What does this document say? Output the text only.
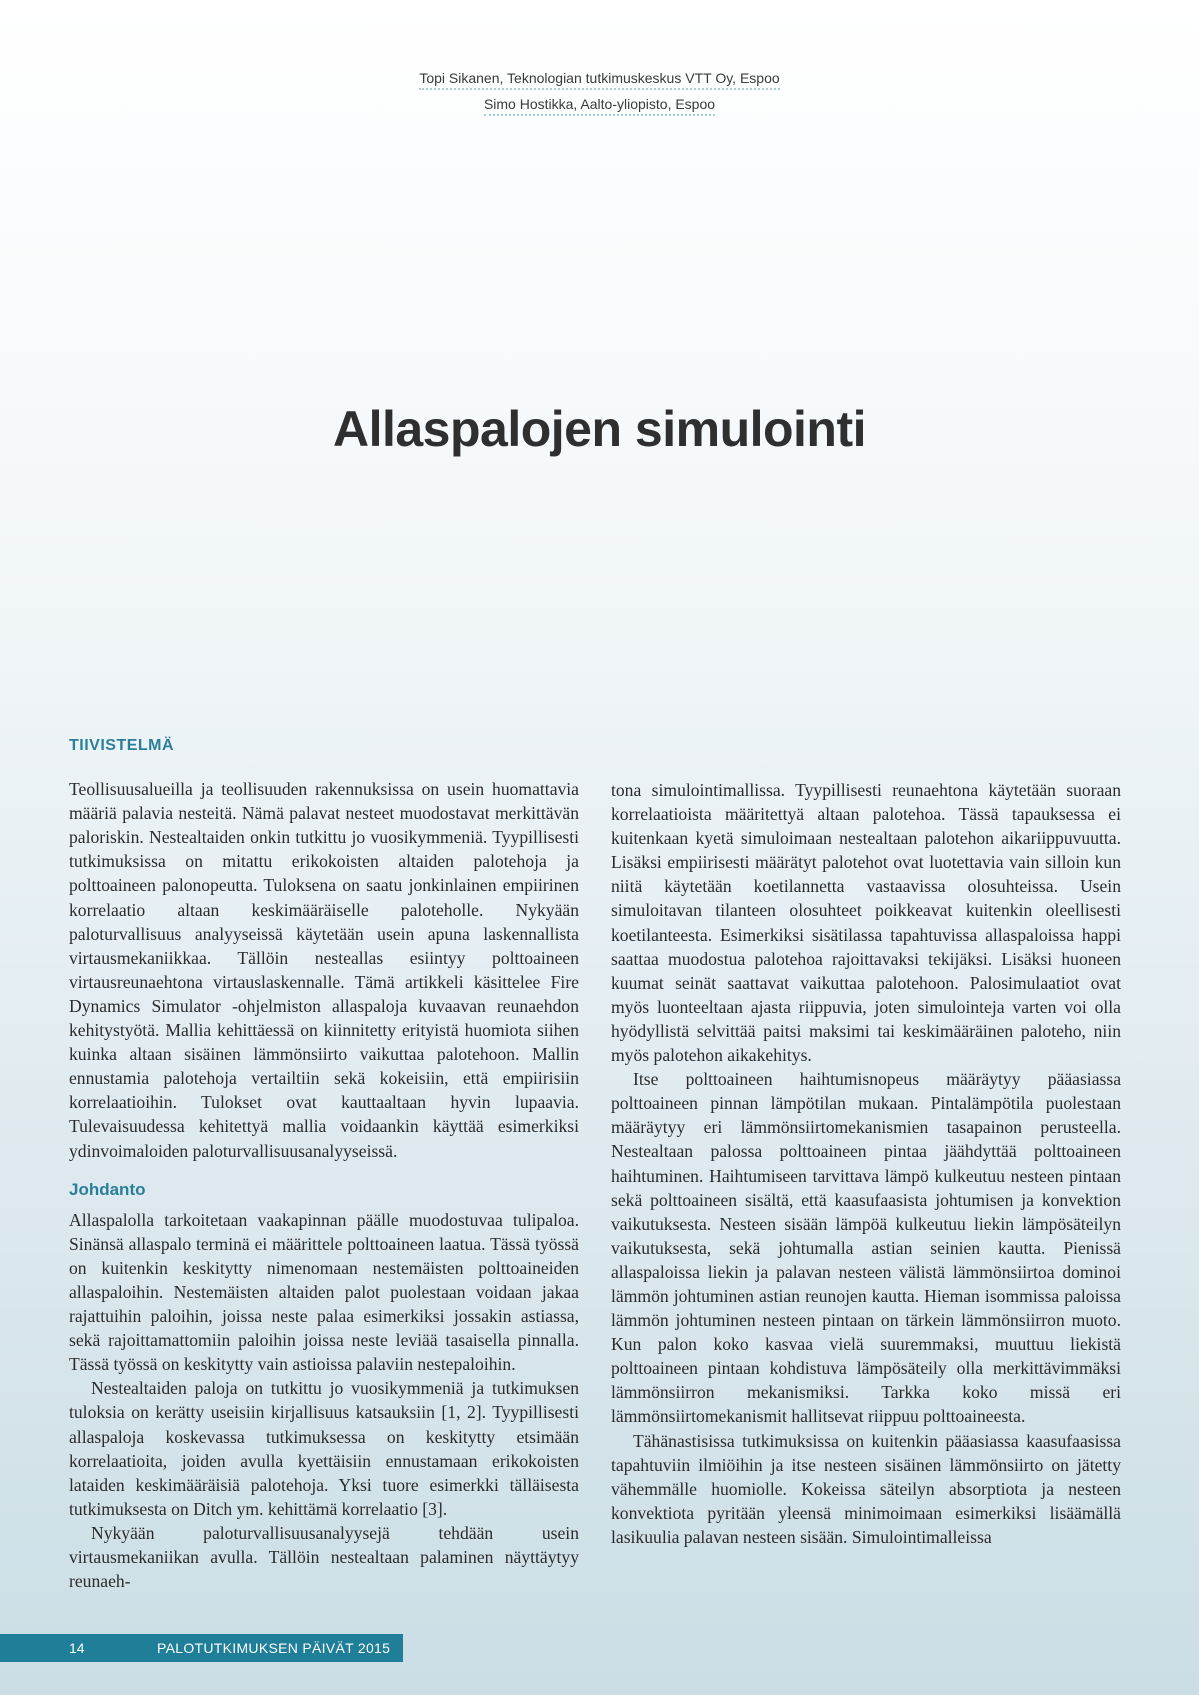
Topi Sikanen, Teknologian tutkimuskeskus VTT Oy, Espoo
Simo Hostikka, Aalto-yliopisto, Espoo
Allaspalojen simulointi
TIIVISTELMÄ

Teollisuusalueilla ja teollisuuden rakennuksissa on usein huomattavia määriä palavia nesteitä. Nämä palavat nesteet muodostavat merkittävän paloriskin. Nestealtaiden onkin tutkittu jo vuosikymmeniä. Tyypillisesti tutkimuksissa on mitattu erikokoisten altaiden palotehoja ja polttoaineen palonopeutta. Tuloksena on saatu jonkinlainen empiirinen korrelaatio altaan keskimääräiselle paloteholle. Nykyään paloturvallisuus analyyseissä käytetään usein apuna laskennallista virtausmekaniikkaa. Tällöin nesteallas esiintyy polttoaineen virtausreunaehtona virtauslaskennalle. Tämä artikkeli käsittelee Fire Dynamics Simulator -ohjelmiston allaspaloja kuvaavan reunaehdon kehitystyötä. Mallia kehittäessä on kiinnitetty erityistä huomiota siihen kuinka altaan sisäinen lämmönsiirto vaikuttaa palotehoon. Mallin ennustamia palotehoja vertailtiin sekä kokeisiin, että empiirisiin korrelaatioihin. Tulokset ovat kauttaaltaan hyvin lupaavia. Tulevaisuudessa kehitettyä mallia voidaankin käyttää esimerkiksi ydinvoimaloiden paloturvallisuusanalyyseissä.

Johdanto

Allaspalolla tarkoitetaan vaakapinnan päälle muodostuvaa tulipaloa. Sinänsä allaspalo terminä ei määrittele polttoaineen laatua. Tässä työssä on kuitenkin keskitytty nimenomaan nestemäisten polttoaineiden allaspaloihin. Nestemäisten altaiden palot puolestaan voidaan jakaa rajattuihin paloihin, joissa neste palaa esimerkiksi jossakin astiassa, sekä rajoittamattomiin paloihin joissa neste leviää tasaisella pinnalla. Tässä työssä on keskitytty vain astioissa palaviin nestepaloihin.

Nestealtaiden paloja on tutkittu jo vuosikymmeniä ja tutkimuksen tuloksia on kerätty useisiin kirjallisuus katsauksiin [1, 2]. Tyypillisesti allaspaloja koskevassa tutkimuksessa on keskitytty etsimään korrelaatioita, joiden avulla kyettäisiin ennustamaan erikokoisten lataiden keskimääräisiä palotehoja. Yksi tuore esimerkki tälläisesta tutkimuksesta on Ditch ym. kehittämä korrelaatio [3].

Nykyään paloturvallisuusanalyysejä tehdään usein virtausmekaniikan avulla. Tällöin nestealtaan palaminen näyttäytyy reunaeh-

tona simulointimallissa. Tyypillisesti reunaehtona käytetään suoraan korrelaatioista määritettyä altaan palotehoa. Tässä tapauksessa ei kuitenkaan kyetä simuloimaan nestealtaan palotehon aikariippuvuutta. Lisäksi empiirisesti määrätyt palotehot ovat luotettavia vain silloin kun niitä käytetään koetilannetta vastaavissa olosuhteissa. Usein simuloitavan tilanteen olosuhteet poikkeavat kuitenkin oleellisesti koetilanteesta. Esimerkiksi sisätilassa tapahtuvissa allaspaloissa happi saattaa muodostua palotehoa rajoittavaksi tekijäksi. Lisäksi huoneen kuumat seinät saattavat vaikuttaa palotehoon. Palosimulaatiot ovat myös luonteeltaan ajasta riippuvia, joten simulointeja varten voi olla hyödyllistä selvittää paitsi maksimi tai keskimääräinen paloteho, niin myös palotehon aikakehitys.

Itse polttoaineen haihtumisnopeus määräytyy pääasiassa polttoaineen pinnan lämpötilan mukaan. Pintalämpötila puolestaan määräytyy eri lämmönsiirtomekanismien tasapainon perusteella. Nestealtaan palossa polttoaineen pintaa jäähdyttää polttoaineen haihtuminen. Haihtumiseen tarvittava lämpö kulkeutuu nesteen pintaan sekä polttoaineen sisältä, että kaasufaasista johtumisen ja konvektion vaikutuksesta. Nesteen sisään lämpöä kulkeutuu liekin lämpösäteilyn vaikutuksesta, sekä johtumalla astian seinien kautta. Pienissä allaspaloissa liekin ja palavan nesteen välistä lämmönsiirtoa dominoi lämmön johtuminen astian reunojen kautta. Hieman isommissa paloissa lämmön johtuminen nesteen pintaan on tärkein lämmönsiirron muoto. Kun palon koko kasvaa vielä suuremmaksi, muuttuu liekistä polttoaineen pintaan kohdistuva lämpösäteily olla merkittävimmäksi lämmönsiirron mekanismiksi. Tarkka koko missä eri lämmönsiirtomekanismit hallitsevat riippuu polttoaineesta.

Tähänastisissa tutkimuksissa on kuitenkin pääasiassa kaasufaasissa tapahtuviin ilmiöihin ja itse nesteen sisäinen lämmönsiirto on jätetty vähemmälle huomiolle. Kokeissa säteilyn absorptiota ja nesteen konvektiota pyritään yleensä minimoimaan esimerkiksi lisäämällä lasikuulia palavan nesteen sisään. Simulointimalleissa

14	PALOTUTKIMUKSEN PÄIVÄT 2015
